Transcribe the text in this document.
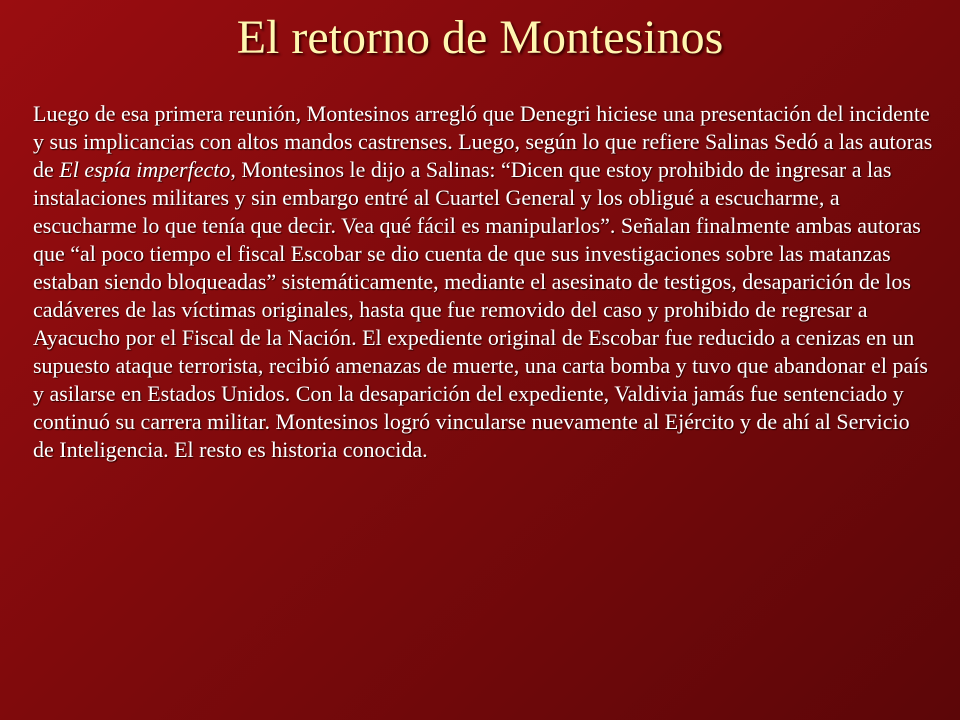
El retorno de Montesinos

Luego de esa primera reunión, Montesinos arregló que Denegri hiciese una presentación del incidente y sus implicancias con altos mandos castrenses. Luego, según lo que refiere Salinas Sedó a las autoras de El espía imperfecto, Montesinos le dijo a Salinas: “Dicen que estoy prohibido de ingresar a las instalaciones militares y sin embargo entré al Cuartel General y los obligué a escucharme, a escucharme lo que tenía que decir. Vea qué fácil es manipularlos”. Señalan finalmente ambas autoras que “al poco tiempo el fiscal Escobar se dio cuenta de que sus investigaciones sobre las matanzas estaban siendo bloqueadas” sistemáticamente, mediante el asesinato de testigos, desaparición de los cadáveres de las víctimas originales, hasta que fue removido del caso y prohibido de regresar a Ayacucho por el Fiscal de la Nación. El expediente original de Escobar fue reducido a cenizas en un supuesto ataque terrorista, recibió amenazas de muerte, una carta bomba y tuvo que abandonar el país y asilarse en Estados Unidos. Con la desaparición del expediente, Valdivia jamás fue sentenciado y continuó su carrera militar. Montesinos logró vincularse nuevamente al Ejército y de ahí al Servicio de Inteligencia. El resto es historia conocida.
